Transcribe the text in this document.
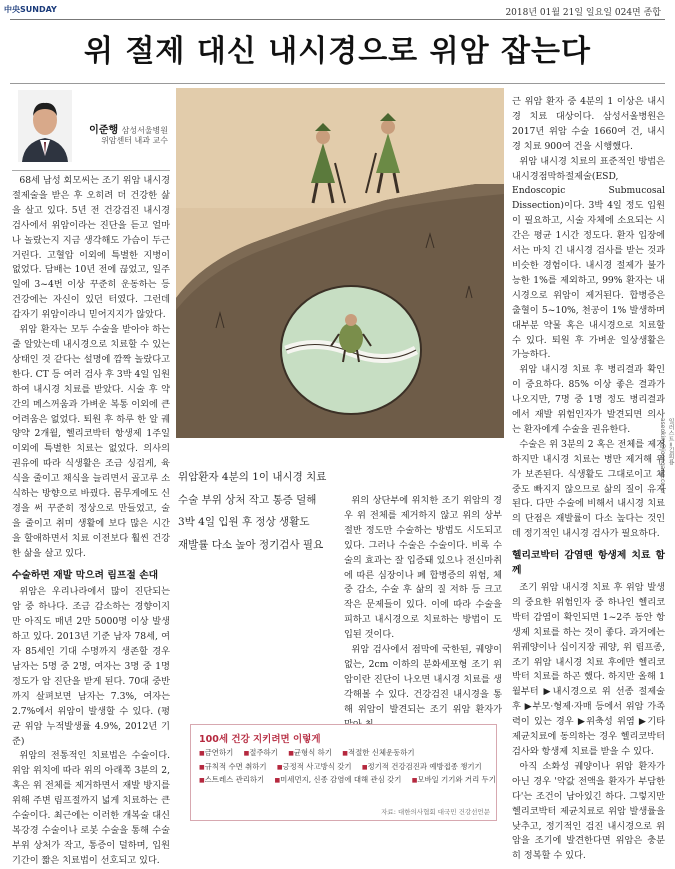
中央SUNDAY	2018년 01월 21일 일요일 024면 종합
위 절제 대신 내시경으로 위암 잡는다
이준행 삼성서울병원
위암센터 내과 교수

68세 남성 회모씨는 조기 위암 내시경절제술을 받은 후 오히려 더 건강한 삶을 살고 있다. 5년 전 건강검진 내시경 검사에서 위암이라는 진단을 듣고 얼마나 놀랐는지 지금 생각해도 가슴이 두근거린다. 고혈압 이외에 특별한 지병이 없었다. 담배는 10년 전에 끊었고, 일주일에 3~4번 이상 꾸준히 운동하는 등 건강에는 자신이 있던 터였다. 그런데 갑자기 위암이라니 믿어지지가 않았다.

위암 환자는 모두 수술을 받아야 하는 줄 알았는데 내시경으로 치료할 수 있는 상태인 것 같다는 설명에 깜짝 놀랐다고 한다. CT 등 여러 검사 후 3박 4일 입원하여 내시경 치료를 받았다. 시술 후 약간의 메스꺼움과 가벼운 복통 이외에 큰 어려움은 없었다. 퇴원 후 하루 한 알 궤양약 2개월, 헬리코박터 항생제 1주일 이외에 특별한 치료는 없었다. 의사의 권유에 따라 식생활은 조금 싱겁게, 육식을 줄이고 채식을 늘리면서 골고루 소식하는 방향으로 바꿨다. 몸무게에도 신경을 써 꾸준히 정상으로 만들었고, 술을 줄이고 취미 생활에 보다 많은 시간을 할애하면서 치료 이전보다 훨씬 건강한 삶을 살고 있다.

수술하면 재발 막으려 림프절 손대

위암은 우리나라에서 많이 진단되는 암 중 하나다. 조금 감소하는 경향이지만 아직도 매년 2만 5000명 이상 발생하고 있다. 2013년 기준 남자 78세, 여자 85세인 기대 수명까지 생존할 경우 남자는 5명 중 2명, 여자는 3명 중 1명 정도가 암 진단을 받게 된다. 70대 중반까지 살펴보면 남자는 7.3%, 여자는 2.7%에서 위암이 발생할 수 있다. (평균 위암 누적발생률 4.9%, 2012년 기준)

위암의 전통적인 치료법은 수술이다. 위암 위치에 따라 위의 아래쪽 3분의 2, 혹은 위 전체를 제거하면서 재발 방지를 위해 주변 림프절까지 넓게 치료하는 큰 수술이다. 최근에는 이러한 개복술 대신 복강경 수술이나 로봇 수술을 통해 수술 부위 상처가 작고, 통증이 덜하며, 입원 기간이 짧은 치료법이 선호되고 있다.

일러스트=김회룡 aseokim@joongang.co.kr
위암환자 4분의 1이 내시경 치료
수술 부위 상처 작고 통증 덜해
3박 4일 입원 후 정상 생활도
재발률 다소 높아 정기검사 필요

위의 상단부에 위치한 조기 위암의 경우 위 전체를 제거하지 않고 위의 상부 절반 정도만 수술하는 방법도 시도되고 있다. 그러나 수술은 수술이다. 비록 수술의 효과는 잘 입증돼 있으나 전신마취에 따른 심장이나 폐 합병증의 위험, 체중 감소, 수술 후 삶의 질 저하 등 크고 작은 문제들이 있다. 이에 따라 수술을 피하고 내시경으로 치료하는 방법이 도입된 것이다.

위암 검사에서 점막에 국한된, 궤양이 없는, 2cm 이하의 분화세포형 조기 위암이란 진단이 나오면 내시경 치료를 생각해볼 수 있다. 건강검진 내시경을 통해 위암이 발견되는 조기 위암 환자가

100세 건강 지키려면 이렇게
■ 금연하기 ■ 절주하기 ■ 균형식 하기 ■ 적절한 신체운동하기
■ 규칙적 수면 취하기 ■ 긍정적 사고방식 갖기 ■ 정기적 건강검진과 예방접종 챙기기
■ 스트레스 관리하기 ■ 미세먼지, 신종 감염에 대해 관심 갖기 ■ 모바일 기기와 거리 두기
자료: 대한의사협회 대국민 건강선언문

근 위암 환자 중 4분의 1 이상은 내시경 치료 대상이다. 삼성서울병원은 2017년 위암 수술 1660여 건, 내시경 치료 900여 건을 시행했다.

위암 내시경 치료의 표준적인 방법은 내시경점막하절제술(ESD, Endoscopic Submucosal Dissection)이다. 3박 4일 정도 입원이 필요하고, 시술 자체에 소요되는 시간은 평균 1시간 정도다. 환자 입장에서는 마치 긴 내시경 검사를 받는 것과 비슷한 경험이다. 내시경 절제가 불가능한 1%를 제외하고, 99% 환자는 내시경으로 위암이 제거된다. 합병증은 출혈이 5~10%, 천공이 1% 발생하며 대부분 약물 혹은 내시경으로 치료할 수 있다. 퇴원 후 가벼운 일상생활은 가능하다.

위암 내시경 치료 후 병리결과 확인이 중요하다. 85% 이상 좋은 결과가 나오지만, 7명 중 1명 정도 병리결과에서 재발 위험인자가 발견되면 의사는 환자에게 수술을 권유한다.

수술은 위 3분의 2 혹은 전체를 제거하지만 내시경 치료는 병만 제거해 위가 보존된다. 식생활도 그대로이고 체중도 빠지지 않으므로 삶의 질이 유지된다. 다만 수술에 비해서 내시경 치료의 단점은 재발률이 다소 높다는 것인데 정기적인 내시경 검사가 필요하다.

헬리코박터 감염땐 항생제 치료 함께

조기 위암 내시경 치료 후 위암 발생의 중요한 위험인자 중 하나인 헬리코박터 감염이 확인되면 1~2주 동안 항생제 치료를 하는 것이 좋다. 과거에는 위궤양이나 십이지장 궤양, 위 림프종, 조기 위암 내시경 치료 후에만 헬리코박터 치료를 하곤 했다. 하지만 올해 1월부터 ▶내시경으로 위 선종 절제술 후 ▶부모·형제·자매 등에서 위암 가족력이 있는 경우 ▶위축성 위염 ▶기타 제균치료에 동의하는 경우 헬리코박터 검사와 항생제 치료를 받을 수 있다.

아직 소화성 궤양이나 위암 환자가 아닌 경우 '약값 전액을 환자가 부담한다'는 조건이 남아있긴 하다. 그렇지만 헬리코박터 제균치료로 위암 발생률을 낮추고, 정기적인 검진 내시경으로 위암을 조기에 발견한다면 위암은 충분히 정복할 수 있다.
